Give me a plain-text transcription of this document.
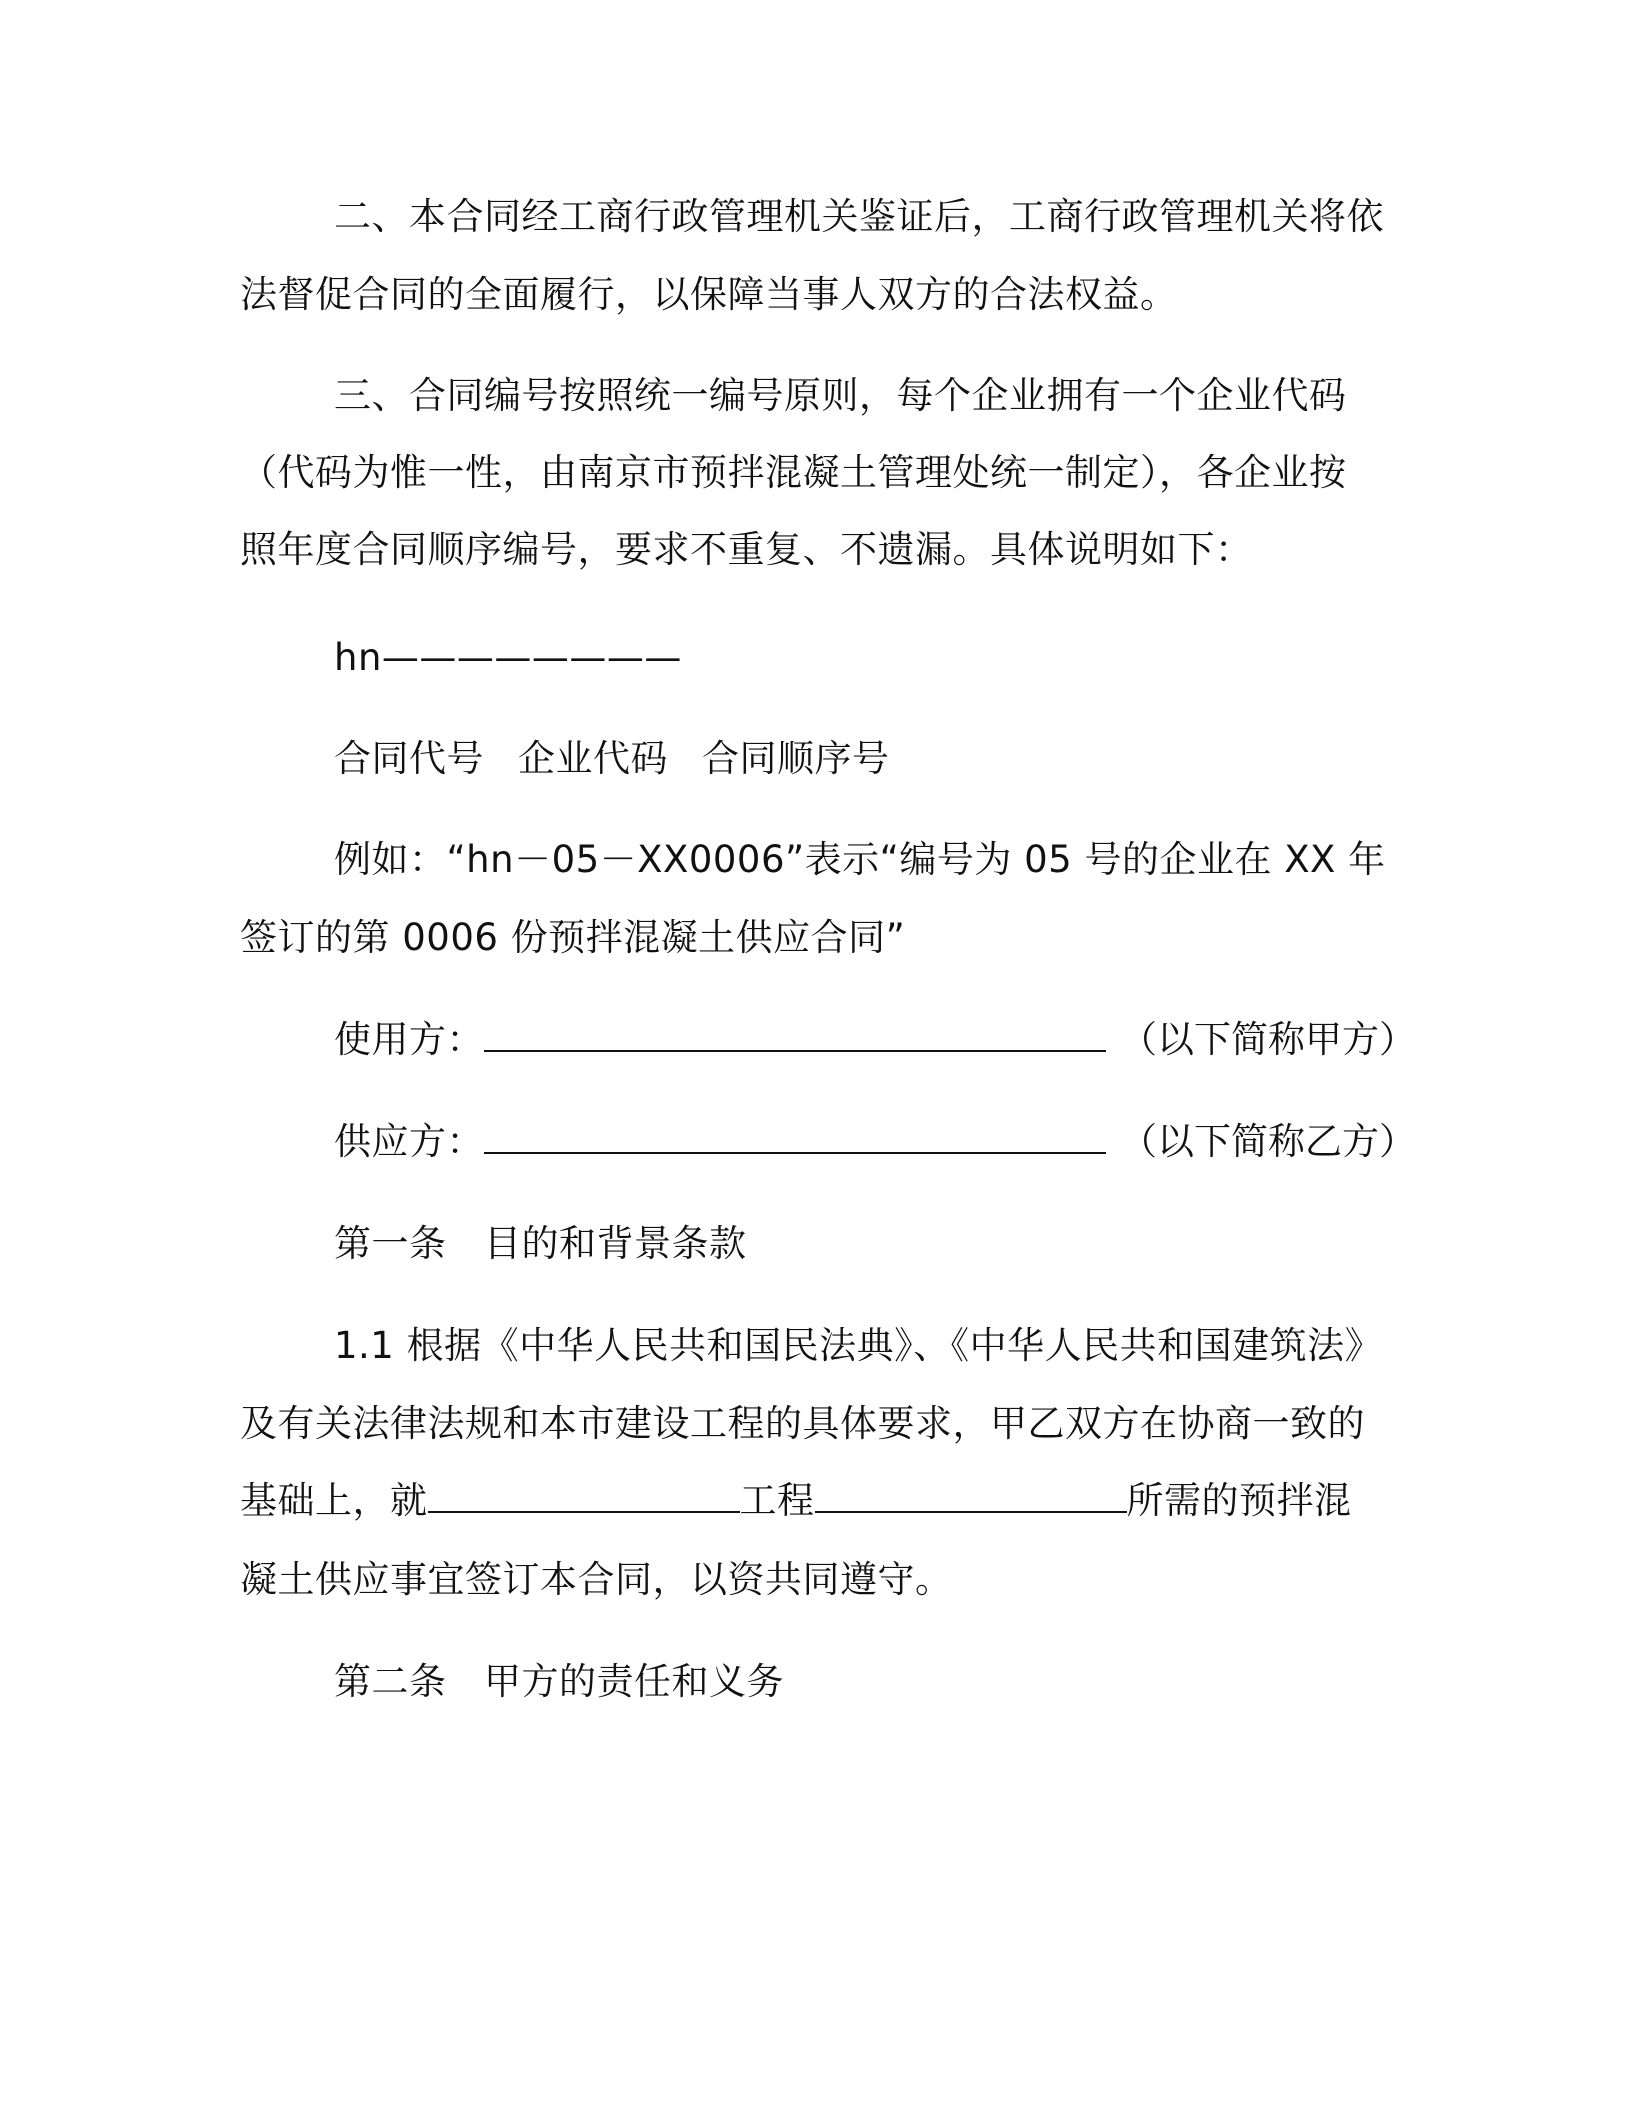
二、本合同经工商行政管理机关鉴证后，工商行政管理机关将依
法督促合同的全面履行，以保障当事人双方的合法权益。
三、合同编号按照统一编号原则，每个企业拥有一个企业代码
（代码为惟一性，由南京市预拌混凝土管理处统一制定），各企业按
照年度合同顺序编号，要求不重复、不遗漏。具体说明如下：
hn————————
合同代号 企业代码 合同顺序号
例如：“hn－05－XX0006”表示“编号为 05 号的企业在 XX 年
签订的第 0006 份预拌混凝土供应合同”
使用方：	（以下简称甲方）
供应方：	（以下简称乙方）
第一条　目的和背景条款
1.1 根据《中华人民共和国民法典》、《中华人民共和国建筑法》
及有关法律法规和本市建设工程的具体要求，甲乙双方在协商一致的
基础上，就	工程	所需的预拌混
凝土供应事宜签订本合同，以资共同遵守。
第二条　甲方的责任和义务
